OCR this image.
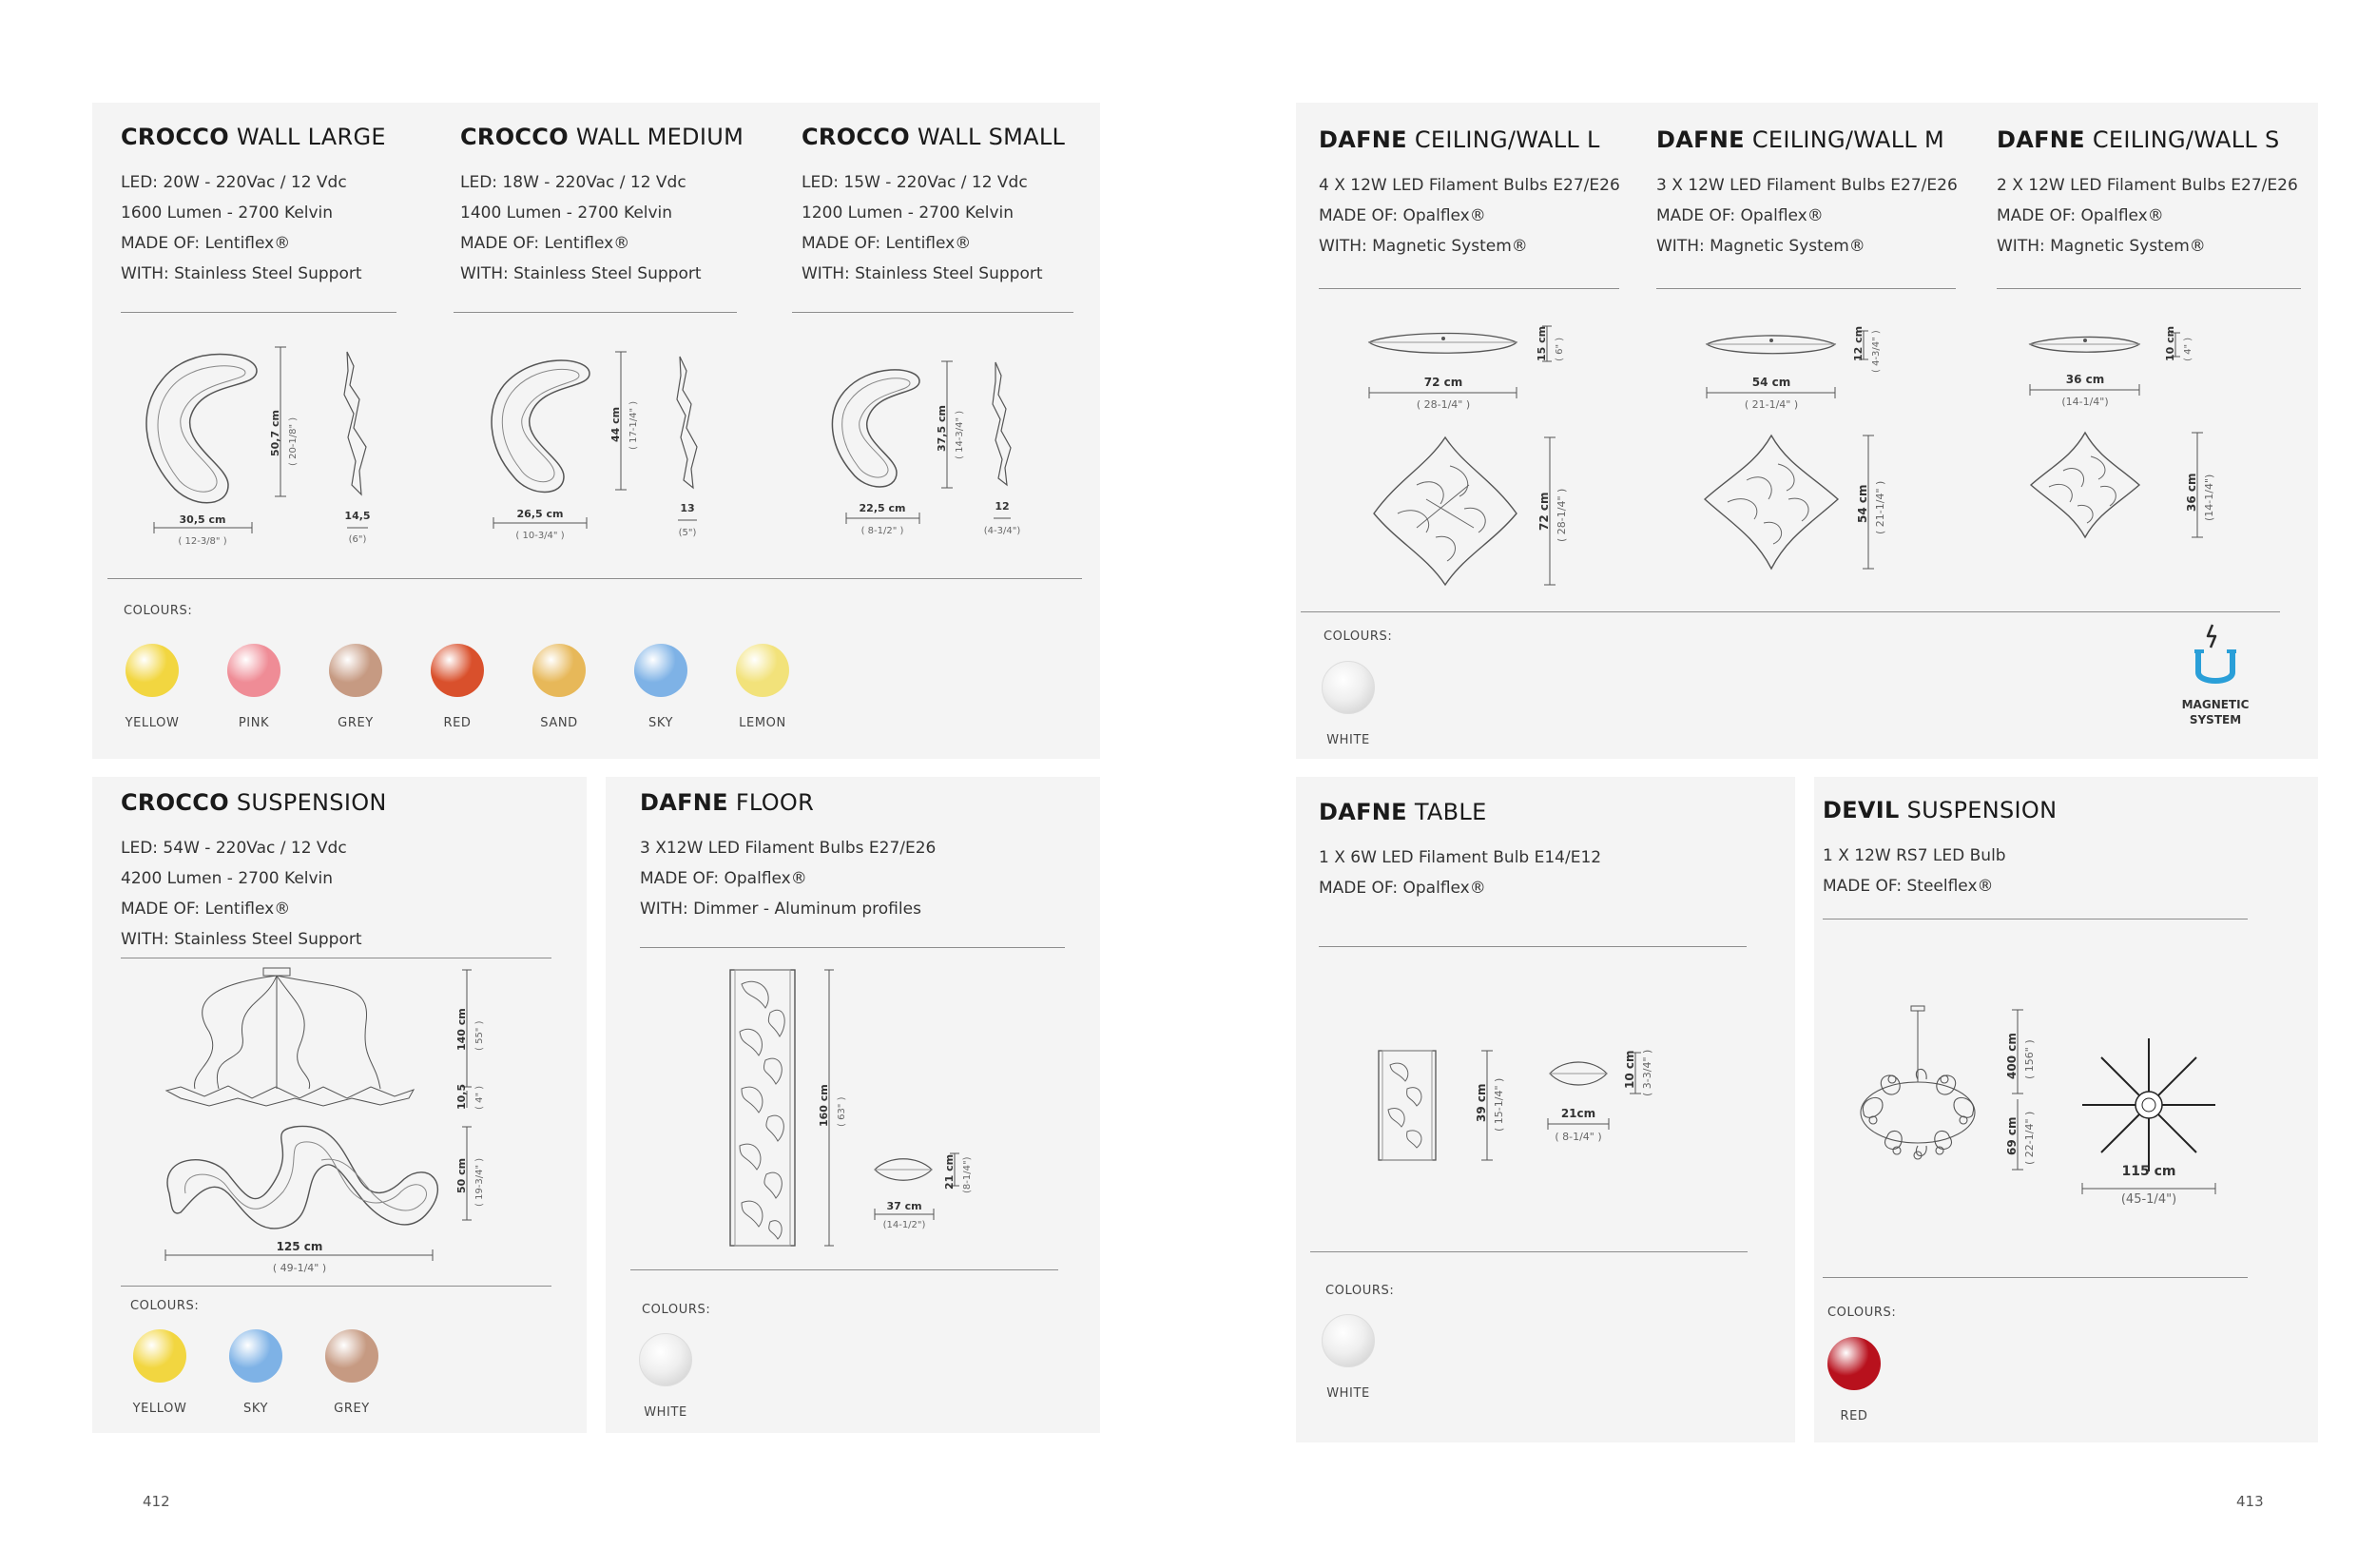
CROCCO WALL LARGE
LED: 20W - 220Vac / 12 Vdc
1600 Lumen - 2700 Kelvin
MADE OF: Lentiflex®
WITH: Stainless Steel Support
CROCCO WALL MEDIUM
LED: 18W - 220Vac / 12 Vdc
1400 Lumen - 2700 Kelvin
MADE OF: Lentiflex®
WITH: Stainless Steel Support
CROCCO WALL SMALL
LED: 15W - 220Vac / 12 Vdc
1200 Lumen - 2700 Kelvin
MADE OF: Lentiflex®
WITH: Stainless Steel Support
50,7 cm ( 20-1/8" )
30,5 cm
( 12-3/8" )
14,5
(6")
44 cm ( 17-1/4" )
26,5 cm
( 10-3/4" )
13
(5")
37,5 cm ( 14-3/4" )
22,5 cm
( 8-1/2" )
12
(4-3/4")
COLOURS:
CROCCO SUSPENSION
LED: 54W - 220Vac / 12 Vdc
4200 Lumen - 2700 Kelvin
MADE OF: Lentiflex®
WITH: Stainless Steel Support
140 cm ( 55" )
10,5 ( 4" )
50 cm ( 19-3/4" )
125 cm
( 49-1/4" )
COLOURS:
DAFNE FLOOR
3 X12W LED Filament Bulbs E27/E26
MADE OF: Opalflex®
WITH: Dimmer - Aluminum profiles
160 cm ( 63" )
21 cm (8-1/4")
37 cm
(14-1/2")
COLOURS:
412
DAFNE CEILING/WALL L
4 X 12W LED Filament Bulbs E27/E26
MADE OF: Opalflex®
WITH: Magnetic System®
DAFNE CEILING/WALL M
3 X 12W LED Filament Bulbs E27/E26
MADE OF: Opalflex®
WITH: Magnetic System®
DAFNE CEILING/WALL S
2 X 12W LED Filament Bulbs E27/E26
MADE OF: Opalflex®
WITH: Magnetic System®
15 cm ( 6" )
72 cm
( 28-1/4" )
72 cm ( 28-1/4" )
12 cm ( 4-3/4" )
54 cm
( 21-1/4" )
54 cm ( 21-1/4" )
10 cm ( 4" )
36 cm
(14-1/4")
36 cm (14-1/4")
COLOURS:
MAGNETIC
SYSTEM
DAFNE TABLE
1 X 6W LED Filament Bulb E14/E12
MADE OF: Opalflex®
39 cm ( 15-1/4" )
10 cm ( 3-3/4" )
21cm
( 8-1/4" )
COLOURS:
DEVIL SUSPENSION
1 X 12W RS7 LED Bulb
MADE OF: Steelflex®
400 cm ( 156" )
69 cm ( 22-1/4" )
115 cm
(45-1/4")
COLOURS:
413
YELLOW	PINK	GREY	RED	SAND	SKY	LEMON
YELLOW	SKY	GREY	WHITE
WHITE
WHITE
RED
